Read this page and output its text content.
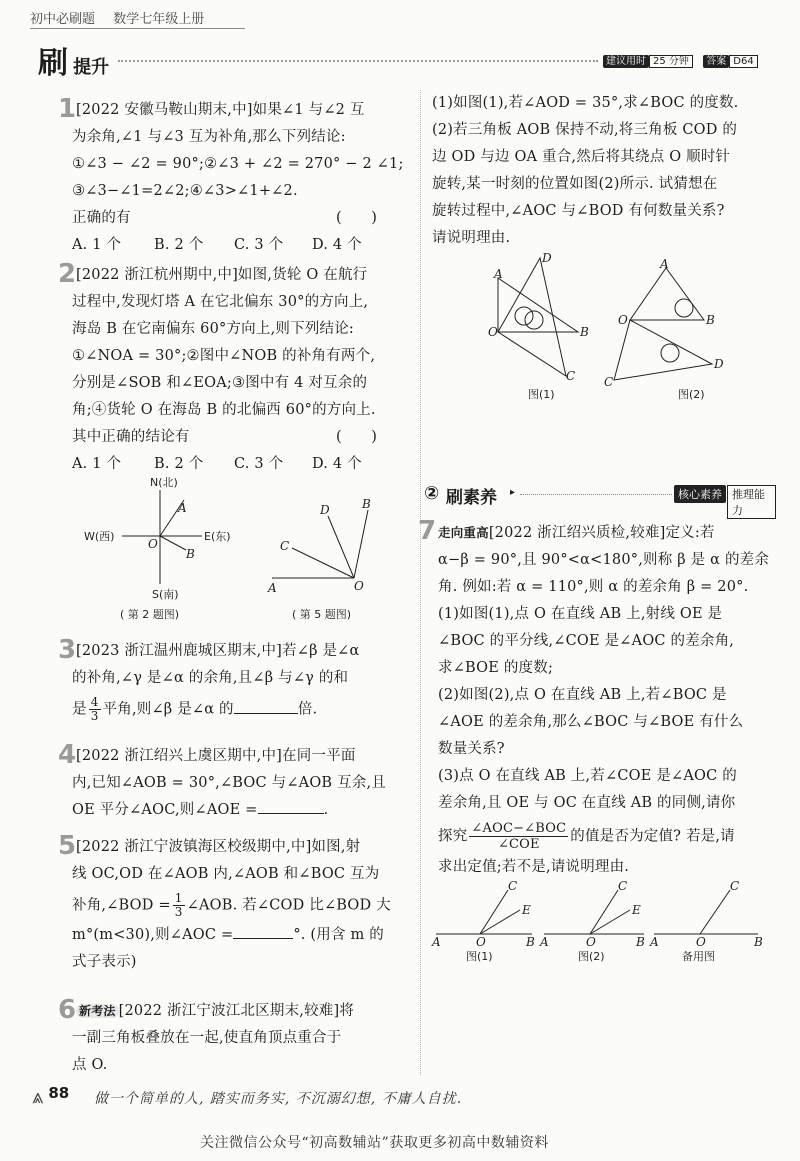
初中必刷题 数学七年级上册
刷 提升	建议用时 25 分钟 答案 D64
1 [2022 安徽马鞍山期末,中]如果∠1 与∠2 互
为余角,∠1 与∠3 互为补角,那么下列结论:
①∠3 − ∠2 = 90°;②∠3 + ∠2 = 270° − 2 ∠1;
③∠3−∠1=2∠2;④∠3>∠1+∠2.
正确的有	(　　)
A. 1 个 B. 2 个 C. 3 个 D. 4 个
2 [2022 浙江杭州期中,中]如图,货轮 O 在航行
过程中,发现灯塔 A 在它北偏东 30°的方向上,
海岛 B 在它南偏东 60°方向上,则下列结论:
①∠NOA = 30°;②图中∠NOB 的补角有两个,
分别是∠SOB 和∠EOA;③图中有 4 对互余的
角;④货轮 O 在海岛 B 的北偏西 60°的方向上.
其中正确的结论有	(　　)
A. 1 个 B. 2 个 C. 3 个 D. 4 个
N(北)
S(南)
W(西)	E(东)
O
A
B
( 第 2 题图)
A
B
C
D
O
( 第 5 题图)
3 [2023 浙江温州鹿城区期末,中]若∠β 是∠α
的补角,∠γ 是∠α 的余角,且∠β 与∠γ 的和
是 $\frac{4}{3}$ 平角,则∠β 是∠α 的	倍.
4 [2022 浙江绍兴上虞区期中,中]在同一平面
内,已知∠AOB = 30°,∠BOC 与∠AOB 互余,且
OE 平分∠AOC,则∠AOE =	.
5 [2022 浙江宁波镇海区校级期中,中]如图,射
线 OC,OD 在∠AOB 内,∠AOB 和∠BOC 互为
补角,∠BOD = $\frac{1}{3}$ ∠AOB. 若∠COD 比∠BOD 大
m°(m<30),则∠AOC =	°. (用含 m 的
式子表示)
6 新考法 [2022 浙江宁波江北区期末,较难]将
一副三角板叠放在一起,使直角顶点重合于
点 O.
(1)如图(1),若∠AOD = 35°,求∠BOC 的度数.
(2)若三角板 AOB 保持不动,将三角板 COD 的
边 OD 与边 OA 重合,然后将其绕点 O 顺时针
旋转,某一时刻的位置如图(2)所示. 试猜想在
旋转过程中,∠AOC 与∠BOD 有何数量关系?
请说明理由.
A
D
O	B
C
图(1)
A
O	B
C
D
图(2)
② 刷素养 ▸	核心素养 推理能力
7 走向重高[2022 浙江绍兴质检,较难]定义:若
α−β = 90°,且 90°<α<180°,则称 β 是 α 的差余
角. 例如:若 α = 110°,则 α 的差余角 β = 20°.
(1)如图(1),点 O 在直线 AB 上,射线 OE 是
∠BOC 的平分线,∠COE 是∠AOC 的差余角,
求∠BOE 的度数;
(2)如图(2),点 O 在直线 AB 上,若∠BOC 是
∠AOE 的差余角,那么∠BOC 与∠BOE 有什么
数量关系?
(3)点 O 在直线 AB 上,若∠COE 是∠AOC 的
差余角,且 OE 与 OC 在直线 AB 的同侧,请你
探究 $\frac{\text{∠AOC−∠BOC}}{\text{∠COE}}$ 的值是否为定值? 若是,请
求出定值;若不是,请说明理由.
A	O	B
C
E
图(1)
A	O	B
C
E
图(2)
A	O	B
C
备用图
⩓ 88 做一个简单的人, 踏实而务实, 不沉溺幻想, 不庸人自扰.
关注微信公众号“初高数辅站”获取更多初高中数辅资料
